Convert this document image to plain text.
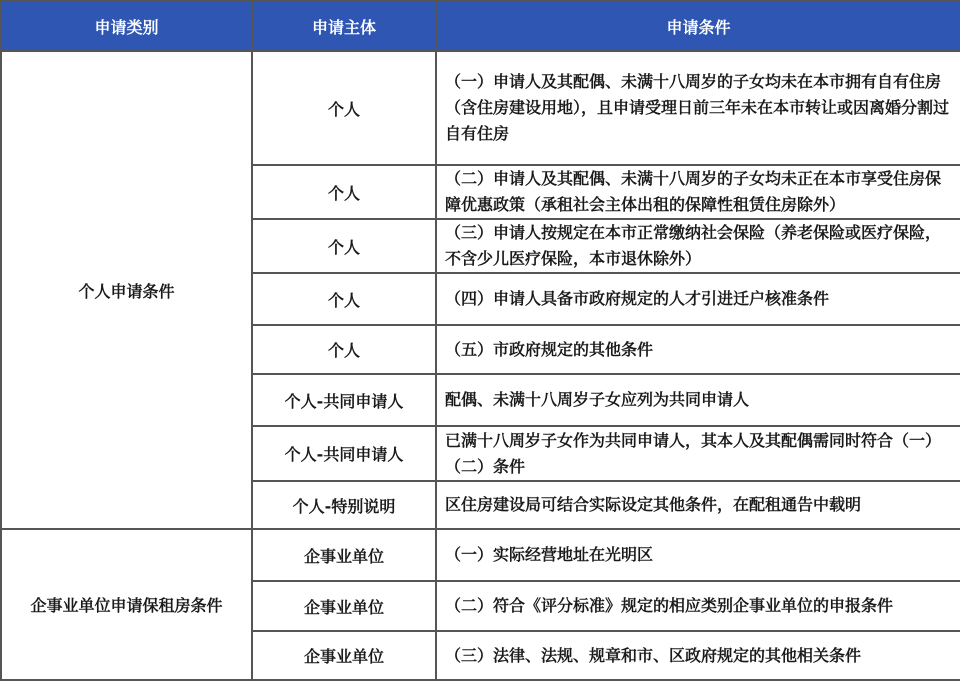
申请类别	申请主体	申请条件
个人申请条件	个人	（一）申请人及其配偶、未满十八周岁的子女均未在本市拥有自有住房（含住房建设用地），且申请受理日前三年未在本市转让或因离婚分割过自有住房
	个人	（二）申请人及其配偶、未满十八周岁的子女均未正在本市享受住房保障优惠政策（承租社会主体出租的保障性租赁住房除外）
	个人	（三）申请人按规定在本市正常缴纳社会保险（养老保险或医疗保险，不含少儿医疗保险，本市退休除外）
	个人	（四）申请人具备市政府规定的人才引进迁户核准条件
	个人	（五）市政府规定的其他条件
	个人-共同申请人	配偶、未满十八周岁子女应列为共同申请人
	个人-共同申请人	已满十八周岁子女作为共同申请人，其本人及其配偶需同时符合（一）（二）条件
	个人-特别说明	区住房建设局可结合实际设定其他条件，在配租通告中载明
企事业单位申请保租房条件	企事业单位	（一）实际经营地址在光明区
	企事业单位	（二）符合《评分标准》规定的相应类别企事业单位的申报条件
	企事业单位	（三）法律、法规、规章和市、区政府规定的其他相关条件
